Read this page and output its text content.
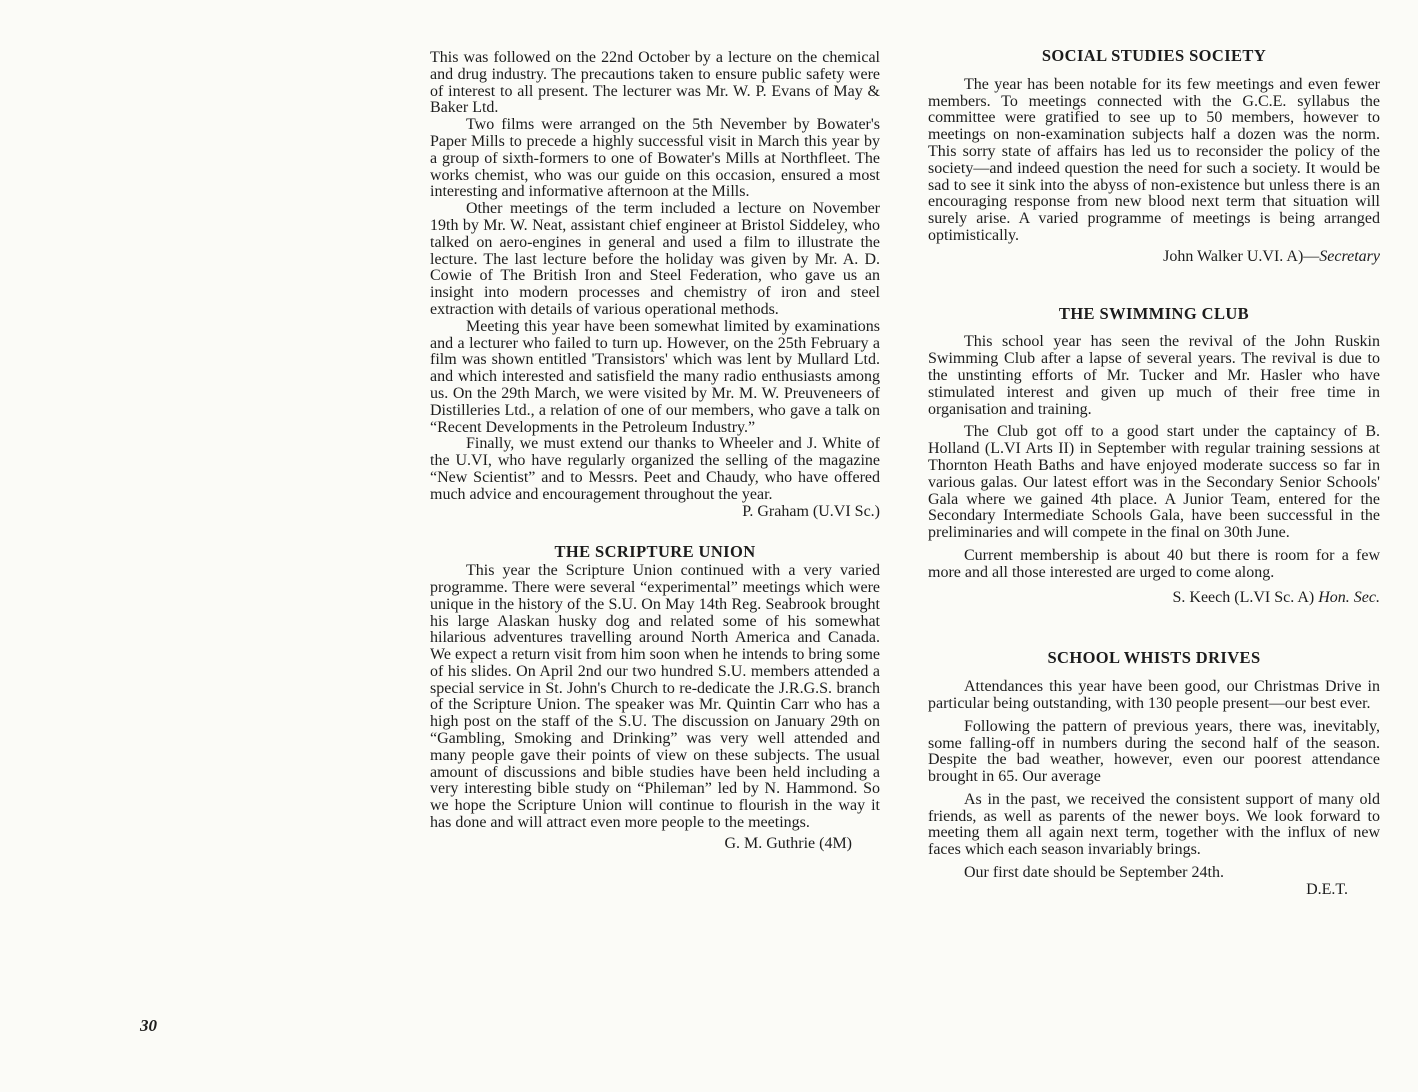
This was followed on the 22nd October by a lecture on the chemical and drug industry. The precautions taken to ensure public safety were of interest to all present. The lecturer was Mr. W. P. Evans of May & Baker Ltd.

Two films were arranged on the 5th Nevember by Bowater's Paper Mills to precede a highly successful visit in March this year by a group of sixth-formers to one of Bowater's Mills at Northfleet. The works chemist, who was our guide on this occasion, ensured a most interesting and informative afternoon at the Mills.

Other meetings of the term included a lecture on November 19th by Mr. W. Neat, assistant chief engineer at Bristol Siddeley, who talked on aero-engines in general and used a film to illustrate the lecture. The last lecture before the holiday was given by Mr. A. D. Cowie of The British Iron and Steel Federation, who gave us an insight into modern processes and chemistry of iron and steel extraction with details of various operational methods.

Meeting this year have been somewhat limited by examinations and a lecturer who failed to turn up. However, on the 25th February a film was shown entitled 'Transistors' which was lent by Mullard Ltd. and which interested and satisfield the many radio enthusiasts among us. On the 29th March, we were visited by Mr. M. W. Preuveneers of Distilleries Ltd., a relation of one of our members, who gave a talk on “Recent Developments in the Petroleum Industry.”

Finally, we must extend our thanks to Wheeler and J. White of the U.VI, who have regularly organized the selling of the magazine “New Scientist” and to Messrs. Peet and Chaudy, who have offered much advice and encouragement throughout the year.

P. Graham (U.VI Sc.)
THE SCRIPTURE UNION

This year the Scripture Union continued with a very varied programme. There were several “experimental” meetings which were unique in the history of the S.U. On May 14th Reg. Seabrook brought his large Alaskan husky dog and related some of his somewhat hilarious adventures travelling around North America and Canada. We expect a return visit from him soon when he intends to bring some of his slides. On April 2nd our two hundred S.U. members attended a special service in St. John's Church to re-dedicate the J.R.G.S. branch of the Scripture Union. The speaker was Mr. Quintin Carr who has a high post on the staff of the S.U. The discussion on January 29th on “Gambling, Smoking and Drinking” was very well attended and many people gave their points of view on these subjects. The usual amount of discussions and bible studies have been held including a very interesting bible study on “Phileman” led by N. Hammond. So we hope the Scripture Union will continue to flourish in the way it has done and will attract even more people to the meetings.

G. M. Guthrie (4M)
SOCIAL STUDIES SOCIETY

The year has been notable for its few meetings and even fewer members. To meetings connected with the G.C.E. syllabus the committee were gratified to see up to 50 members, however to meetings on non-examination subjects half a dozen was the norm. This sorry state of affairs has led us to reconsider the policy of the society—and indeed question the need for such a society. It would be sad to see it sink into the abyss of non-existence but unless there is an encouraging response from new blood next term that situation will surely arise. A varied programme of meetings is being arranged optimistically.

John Walker U.VI. A)—Secretary
THE SWIMMING CLUB

This school year has seen the revival of the John Ruskin Swimming Club after a lapse of several years. The revival is due to the unstinting efforts of Mr. Tucker and Mr. Hasler who have stimulated interest and given up much of their free time in organisation and training.

The Club got off to a good start under the captaincy of B. Holland (L.VI Arts II) in September with regular training sessions at Thornton Heath Baths and have enjoyed moderate success so far in various galas. Our latest effort was in the Secondary Senior Schools' Gala where we gained 4th place. A Junior Team, entered for the Secondary Intermediate Schools Gala, have been successful in the preliminaries and will compete in the final on 30th June.

Current membership is about 40 but there is room for a few more and all those interested are urged to come along.

S. Keech (L.VI Sc. A) Hon. Sec.
SCHOOL WHISTS DRIVES

Attendances this year have been good, our Christmas Drive in particular being outstanding, with 130 people present—our best ever.

Following the pattern of previous years, there was, inevitably, some falling-off in numbers during the second half of the season. Despite the bad weather, however, even our poorest attendance brought in 65. Our average

As in the past, we received the consistent support of many old friends, as well as parents of the newer boys. We look forward to meeting them all again next term, together with the influx of new faces which each season invariably brings.

Our first date should be September 24th.

D.E.T.
30
